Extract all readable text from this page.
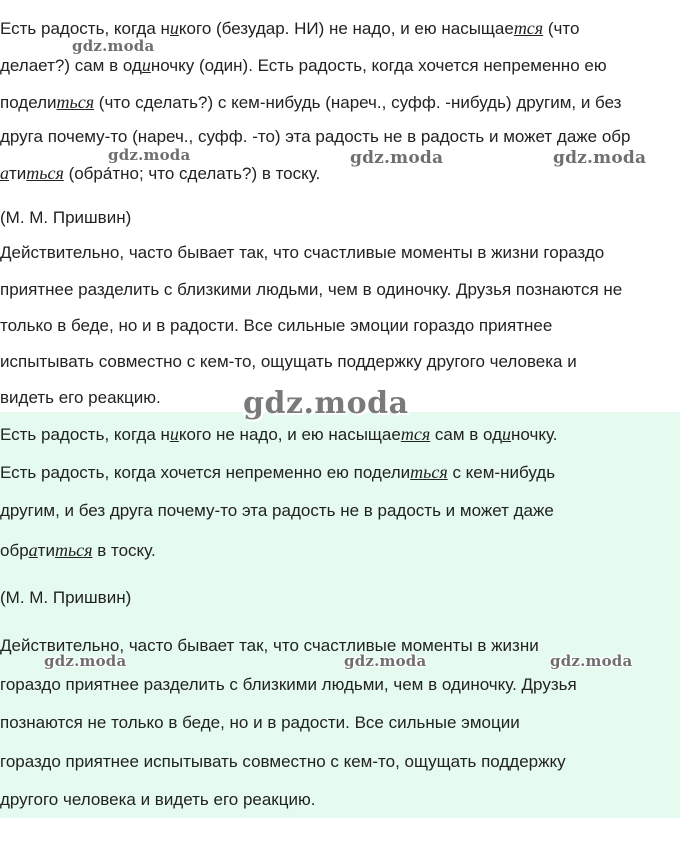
Есть радость, когда никого (безудар. НИ) не надо, и ею насыщается (что
делает?) сам в одиночку (один). Есть радость, когда хочется непременно ею
поделиться (что сделать?) с кем-нибудь (нареч., суфф. -нибудь) другим, и без
друга почему-то (нареч., суфф. -то) эта радость не в радость и может даже обр
атиться (обра́тно; что сделать?) в тоску.
(М. М. Пришвин)
Действительно, часто бывает так, что счастливые моменты в жизни гораздо
приятнее разделить с близкими людьми, чем в одиночку. Друзья познаются не
только в беде, но и в радости. Все сильные эмоции гораздо приятнее
испытывать совместно с кем-то, ощущать поддержку другого человека и
видеть его реакцию.
Есть радость, когда никого не надо, и ею насыщается сам в одиночку.
Есть радость, когда хочется непременно ею поделиться с кем-нибудь
другим, и без друга почему-то эта радость не в радость и может даже
обратиться в тоску.
(М. М. Пришвин)
Действительно, часто бывает так, что счастливые моменты в жизни
гораздо приятнее разделить с близкими людьми, чем в одиночку. Друзья
познаются не только в беде, но и в радости. Все сильные эмоции
гораздо приятнее испытывать совместно с кем-то, ощущать поддержку
другого человека и видеть его реакцию.
gdz.moda
gdz.moda	gdz.moda	gdz.moda
gdz.moda
gdz.moda	gdz.moda	gdz.moda
